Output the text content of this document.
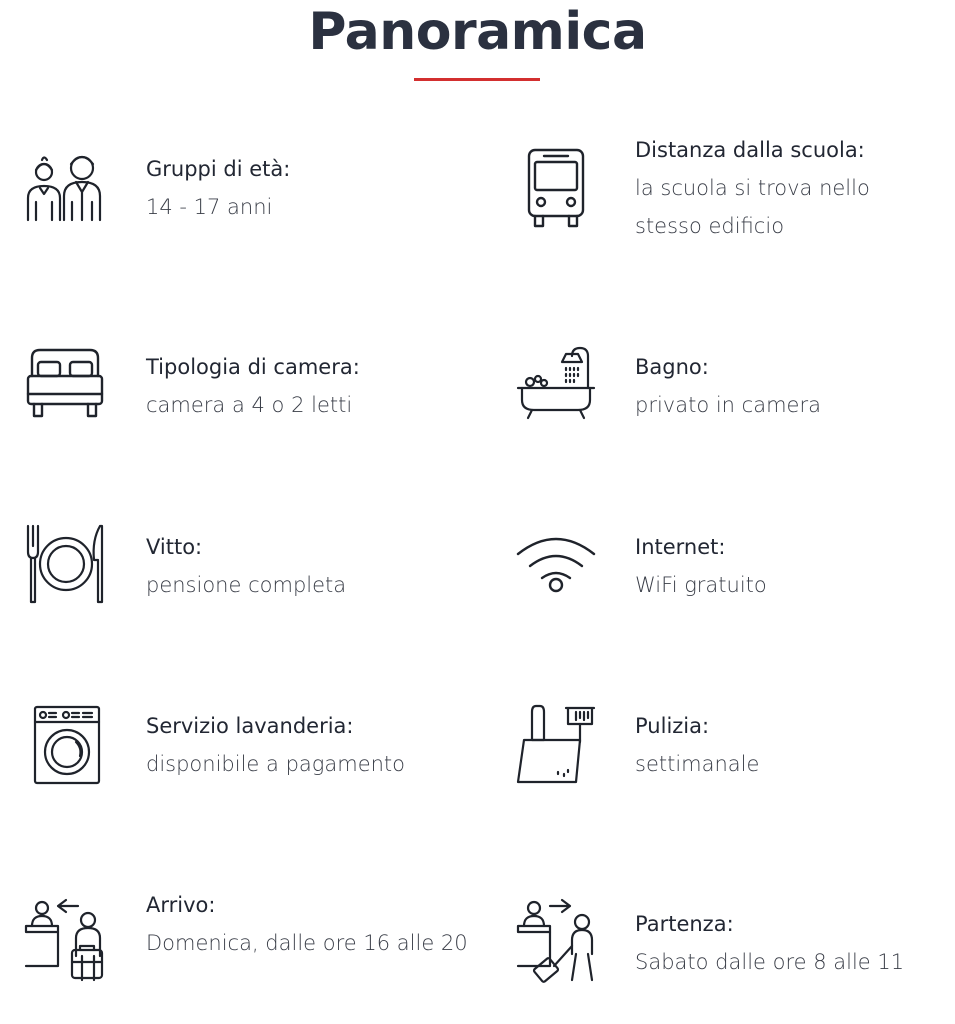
Panoramica
Gruppi di età:
14 - 17 anni
Distanza dalla scuola:
la scuola si trova nello stesso edificio
Tipologia di camera:
camera a 4 o 2 letti
Bagno:
privato in camera
Vitto:
pensione completa
Internet:
WiFi gratuito
Servizio lavanderia:
disponibile a pagamento
Pulizia:
settimanale
Arrivo:
Domenica, dalle ore 16 alle 20
Partenza:
Sabato dalle ore 8 alle 11
